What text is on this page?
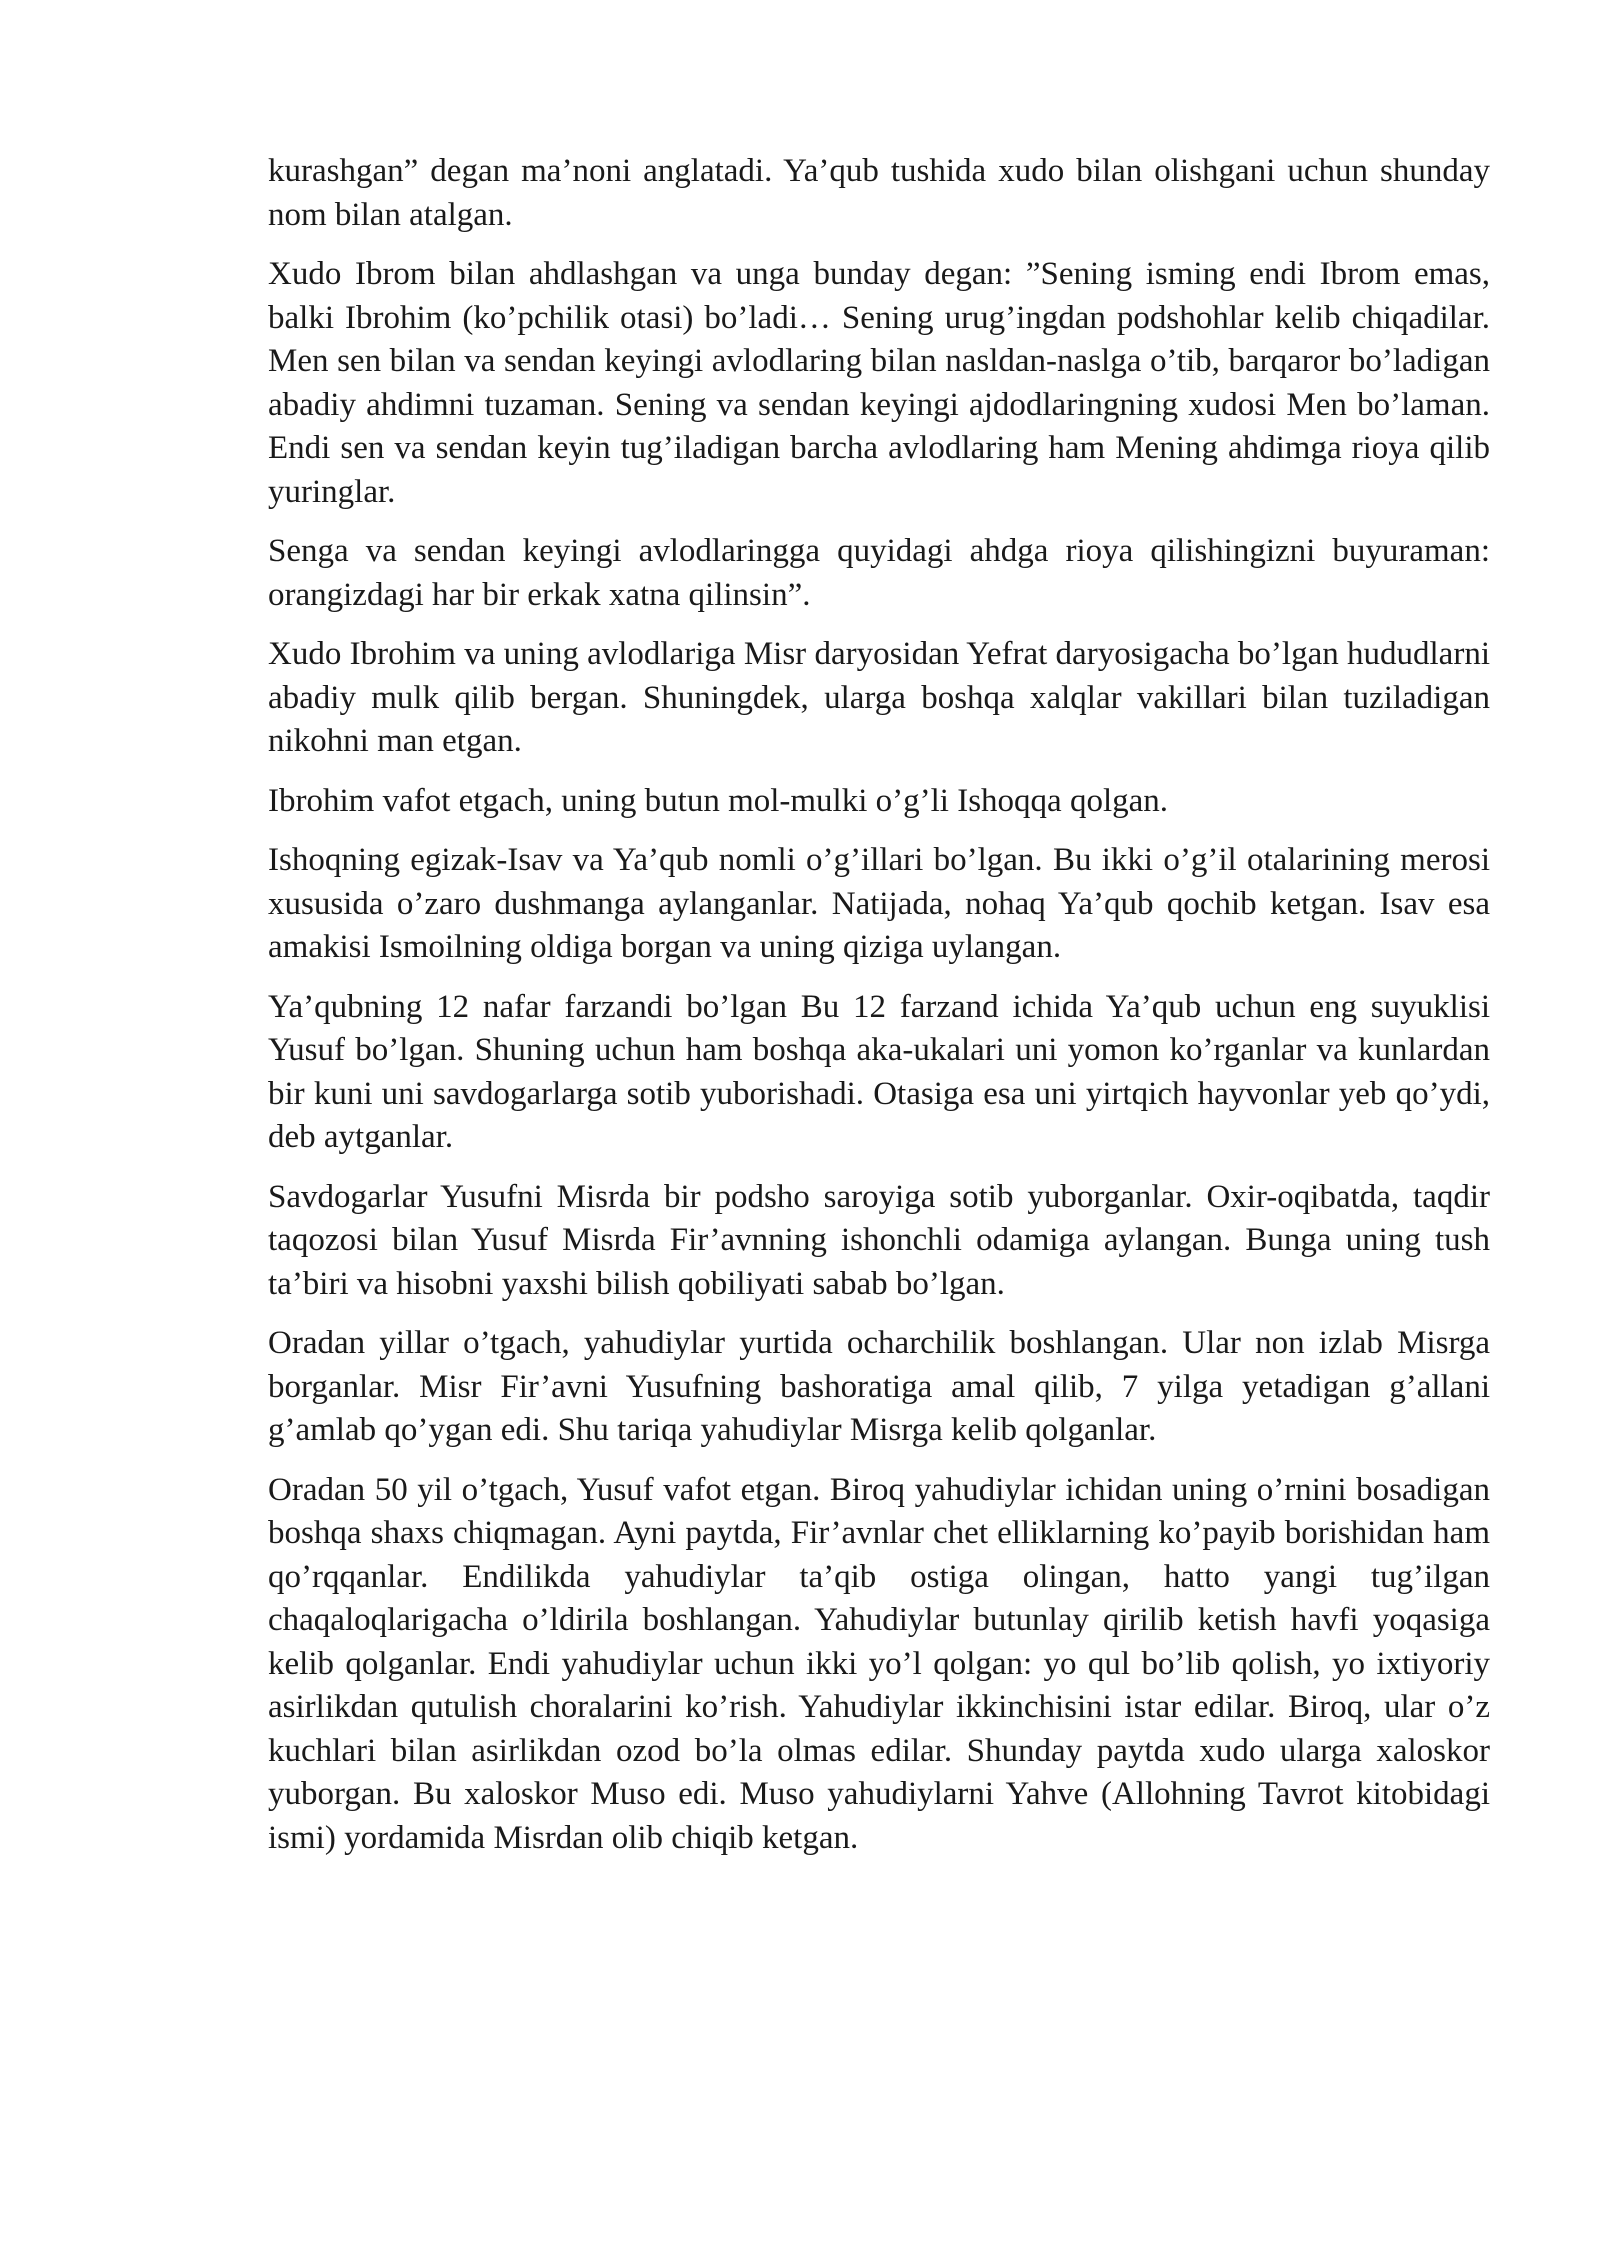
kurashgan” degan ma’noni anglatadi. Ya’qub tushida xudo bilan olishgani uchun shunday nom bilan atalgan.

Xudo Ibrom bilan ahdlashgan va unga bunday degan: ”Sening isming endi Ibrom emas, balki Ibrohim (ko’pchilik otasi) bo’ladi… Sening urug’ingdan podshohlar kelib chiqadilar. Men sen bilan va sendan keyingi avlodlaring bilan nasldan-naslga o’tib, barqaror bo’ladigan abadiy ahdimni tuzaman. Sening va sendan keyingi ajdodlaringning xudosi Men bo’laman. Endi sen va sendan keyin tug’iladigan barcha avlodlaring ham Mening ahdimga rioya qilib yuringlar.

Senga va sendan keyingi avlodlaringga quyidagi ahdga rioya qilishingizni buyuraman: orangizdagi har bir erkak xatna qilinsin”.

Xudo Ibrohim va uning avlodlariga Misr daryosidan Yefrat daryosigacha bo’lgan hududlarni abadiy mulk qilib bergan. Shuningdek, ularga boshqa xalqlar vakillari bilan tuziladigan nikohni man etgan.

Ibrohim vafot etgach, uning butun mol-mulki o’g’li Ishoqqa qolgan.

Ishoqning egizak-Isav va Ya’qub nomli o’g’illari bo’lgan. Bu ikki o’g’il otalarining merosi xususida o’zaro dushmanga aylanganlar. Natijada, nohaq Ya’qub qochib ketgan. Isav esa amakisi Ismoilning oldiga borgan va uning qiziga uylangan.

Ya’qubning 12 nafar farzandi bo’lgan Bu 12 farzand ichida Ya’qub uchun eng suyuklisi Yusuf bo’lgan. Shuning uchun ham boshqa aka-ukalari uni yomon ko’rganlar va kunlardan bir kuni uni savdogarlarga sotib yuborishadi. Otasiga esa uni yirtqich hayvonlar yeb qo’ydi, deb aytganlar.

Savdogarlar Yusufni Misrda bir podsho saroyiga sotib yuborganlar. Oxir-oqibatda, taqdir taqozosi bilan Yusuf Misrda Fir’avnning ishonchli odamiga aylangan. Bunga uning tush ta’biri va hisobni yaxshi bilish qobiliyati sabab bo’lgan.

Oradan yillar o’tgach, yahudiylar yurtida ocharchilik boshlangan. Ular non izlab Misrga borganlar. Misr Fir’avni Yusufning bashoratiga amal qilib, 7 yilga yetadigan g’allani g’amlab qo’ygan edi. Shu tariqa yahudiylar Misrga kelib qolganlar.

Oradan 50 yil o’tgach, Yusuf vafot etgan. Biroq yahudiylar ichidan uning o’rnini bosadigan boshqa shaxs chiqmagan. Ayni paytda, Fir’avnlar chet elliklarning ko’payib borishidan ham qo’rqqanlar. Endilikda yahudiylar ta’qib ostiga olingan, hatto yangi tug’ilgan chaqaloqlarigacha o’ldirila boshlangan. Yahudiylar butunlay qirilib ketish havfi yoqasiga kelib qolganlar. Endi yahudiylar uchun ikki yo’l qolgan: yo qul bo’lib qolish, yo ixtiyoriy asirlikdan qutulish choralarini ko’rish. Yahudiylar ikkinchisini istar edilar. Biroq, ular o’z kuchlari bilan asirlikdan ozod bo’la olmas edilar. Shunday paytda xudo ularga xaloskor yuborgan. Bu xaloskor Muso edi. Muso yahudiylarni Yahve (Allohning Tavrot kitobidagi ismi) yordamida Misrdan olib chiqib ketgan.
